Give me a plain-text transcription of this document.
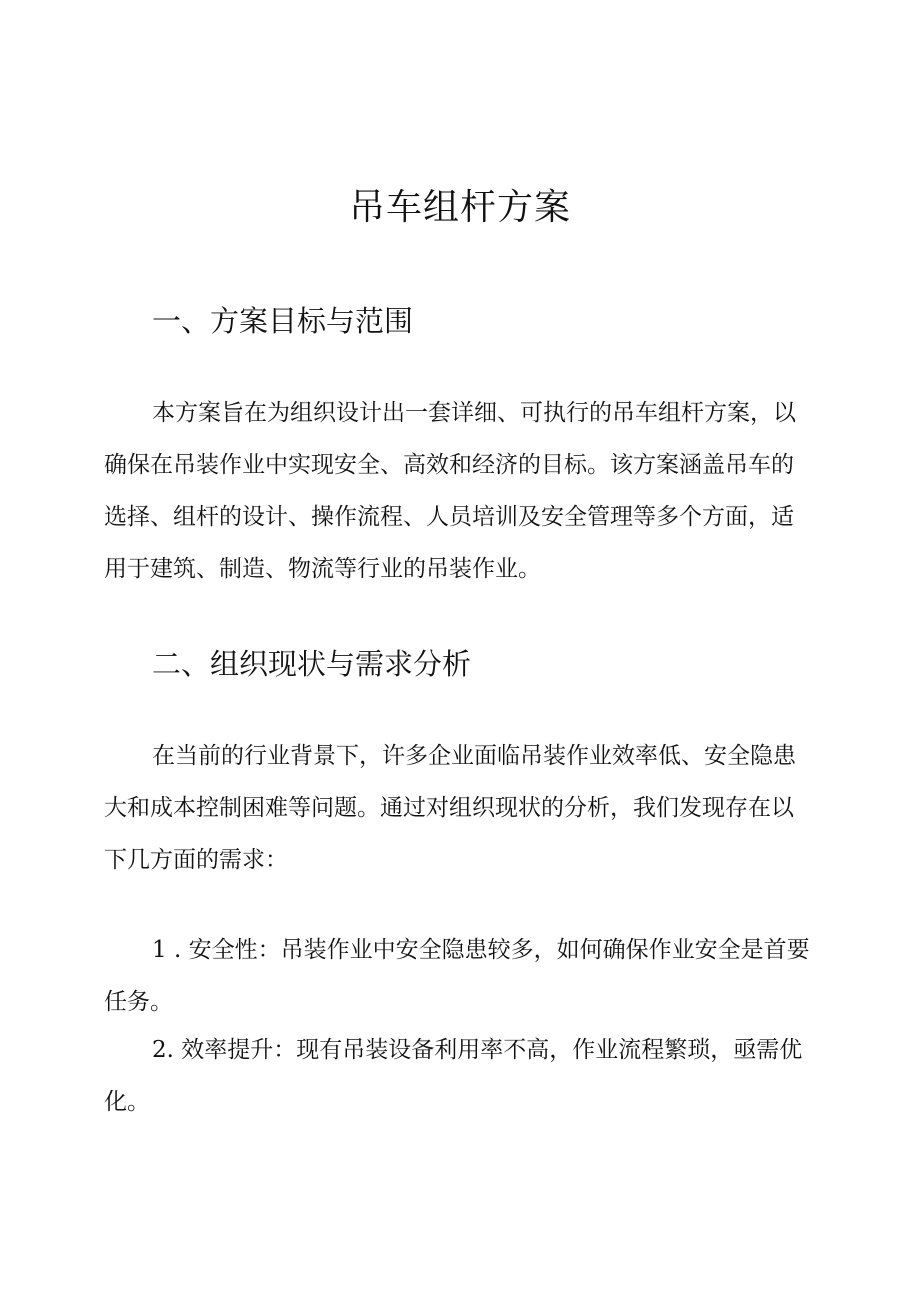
吊车组杆方案
一、方案目标与范围

本方案旨在为组织设计出一套详细、可执行的吊车组杆方案，以确保在吊装作业中实现安全、高效和经济的目标。该方案涵盖吊车的选择、组杆的设计、操作流程、人员培训及安全管理等多个方面，适用于建筑、制造、物流等行业的吊装作业。

二、组织现状与需求分析

在当前的行业背景下，许多企业面临吊装作业效率低、安全隐患大和成本控制困难等问题。通过对组织现状的分析，我们发现存在以下几方面的需求：

1 . 安全性：吊装作业中安全隐患较多，如何确保作业安全是首要任务。

2. 效率提升：现有吊装设备利用率不高，作业流程繁琐，亟需优化。
